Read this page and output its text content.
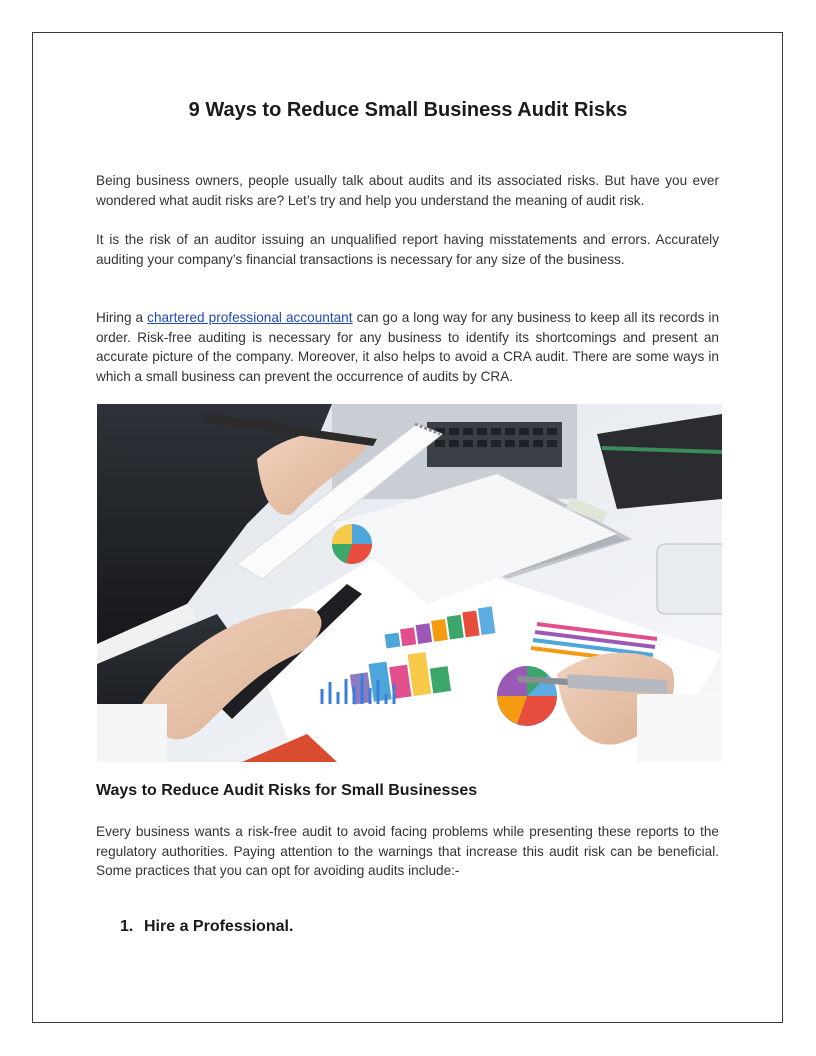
9 Ways to Reduce Small Business Audit Risks

Being business owners, people usually talk about audits and its associated risks. But have you ever wondered what audit risks are? Let’s try and help you understand the meaning of audit risk.

It is the risk of an auditor issuing an unqualified report having misstatements and errors. Accurately auditing your company’s financial transactions is necessary for any size of the business.

Hiring a chartered professional accountant can go a long way for any business to keep all its records in order. Risk-free auditing is necessary for any business to identify its shortcomings and present an accurate picture of the company. Moreover, it also helps to avoid a CRA audit. There are some ways in which a small business can prevent the occurrence of audits by CRA.

Ways to Reduce Audit Risks for Small Businesses

Every business wants a risk-free audit to avoid facing problems while presenting these reports to the regulatory authorities. Paying attention to the warnings that increase this audit risk can be beneficial. Some practices that you can opt for avoiding audits include:-

1. Hire a Professional.
